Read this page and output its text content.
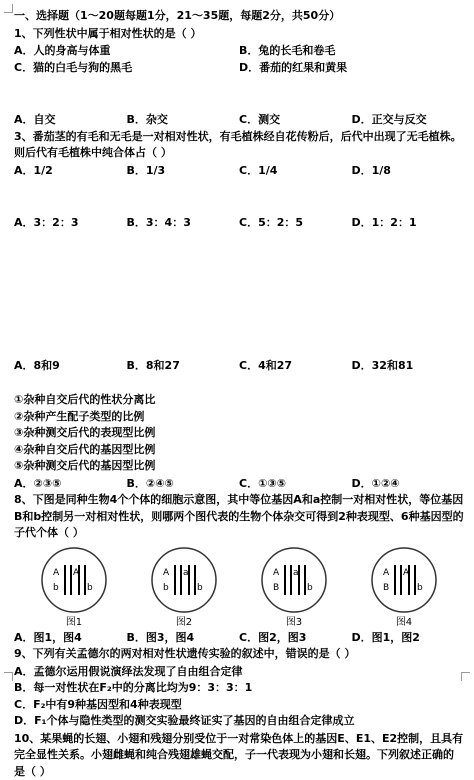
一、选择题（1～20题每题1分，21～35题，每题2分，共50分）
1、下列性状中属于相对性状的是（ ）
A．人的身高与体重	B．兔的长毛和卷毛
C．猫的白毛与狗的黑毛	D．番茄的红果和黄果
A．自交	B．杂交	C．测交	D．正交与反交
3、番茄茎的有毛和无毛是一对相对性状，有毛植株经自花传粉后，后代中出现了无毛植株。则后代有毛植株中纯合体占（ ）
A．1/2	B．1/3	C．1/4	D．1/8
A．3：2：3	B．3：4：3	C．5：2：5	D．1：2：1
A．8和9	B．8和27	C．4和27	D．32和81
①杂种自交后代的性状分离比
②杂种产生配子类型的比例
③杂种测交后代的表现型比例
④杂种自交后代的基因型比例
⑤杂种测交后代的基因型比例
A．②③⑤	B．②④⑤	C．①③⑤	D．①②④
8、下图是同种生物4个个体的细胞示意图，其中等位基因A和a控制一对相对性状，等位基因B和b控制另一对相对性状，则哪两个图代表的生物个体杂交可得到2种表现型、6种基因型的子代个体（ ）
A A
b	b
图1
A a
b	b
图2
A a
B	b
图3
A A
B	b
图4
A．图1，图4	B．图3，图4	C．图2，图3	D．图1，图2
9、下列有关孟德尔的两对相对性状遗传实验的叙述中，错误的是（ ）
A．孟德尔运用假说演绎法发现了自由组合定律
B．每一对性状在F₂中的分离比均为9：3：3：1
C．F₂中有9种基因型和4种表现型
D．F₁个体与隐性类型的测交实验最终证实了基因的自由组合定律成立
10、某果蝇的长翅、小翅和残翅分别受位于一对常染色体上的基因E、E1、E2控制，且具有完全显性关系。小翅雌蝇和纯合残翅雄蝇交配，子一代表现为小翅和长翅。下列叙述正确的是（ ）
